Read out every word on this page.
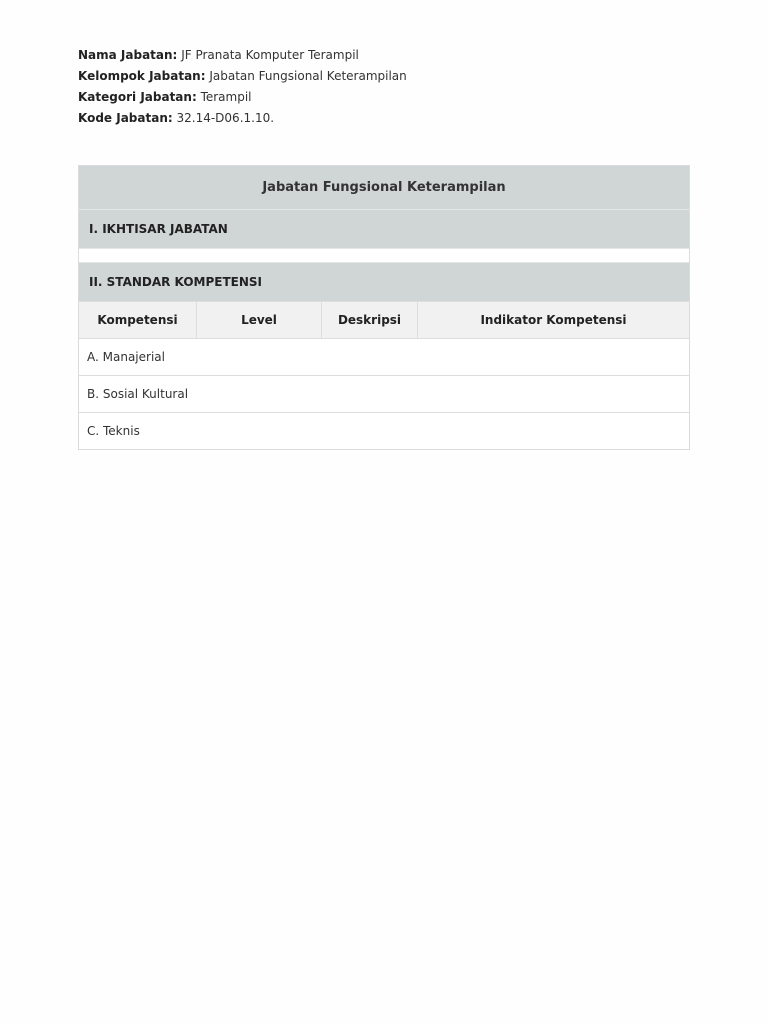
Nama Jabatan: JF Pranata Komputer Terampil
Kelompok Jabatan: Jabatan Fungsional Keterampilan
Kategori Jabatan: Terampil
Kode Jabatan: 32.14-D06.1.10.
Jabatan Fungsional Keterampilan
I. IKHTISAR JABATAN
II. STANDAR KOMPETENSI
Kompetensi	Level	Deskripsi	Indikator Kompetensi
A. Manajerial
B. Sosial Kultural
C. Teknis
